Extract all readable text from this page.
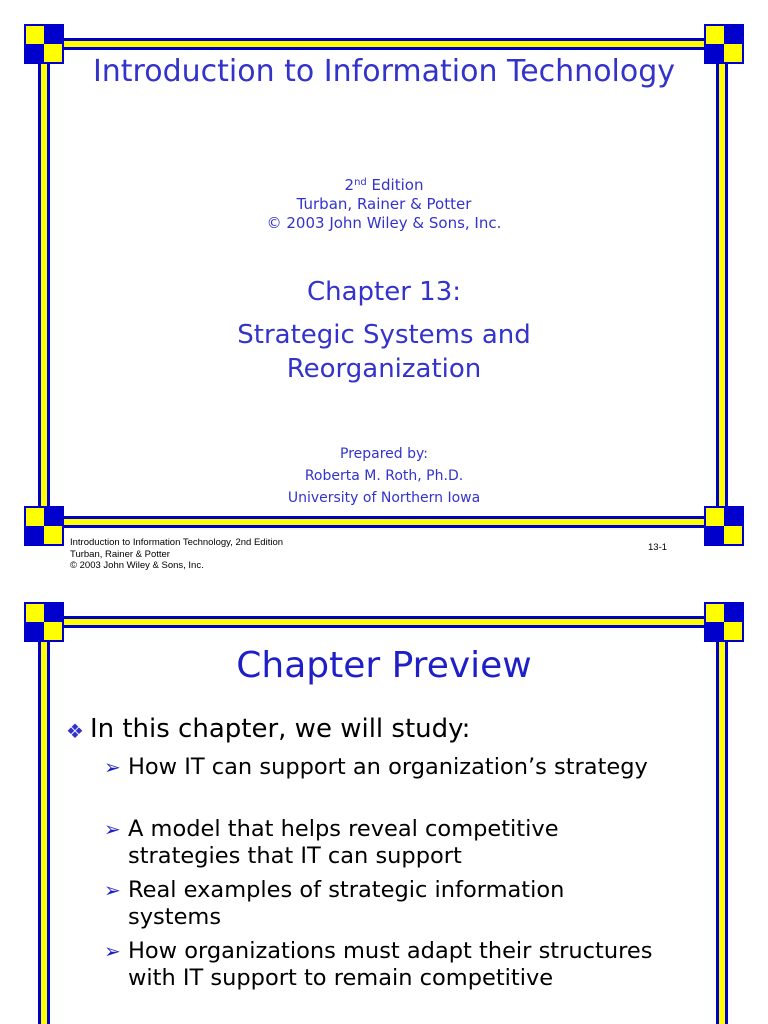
Introduction to Information Technology
2nd Edition
Turban, Rainer & Potter
© 2003 John Wiley & Sons, Inc.
Chapter 13:
Strategic Systems and Reorganization
Prepared by:
Roberta M. Roth, Ph.D.
University of Northern Iowa
Introduction to Information Technology, 2nd Edition
Turban, Rainer & Potter
© 2003 John Wiley & Sons, Inc.
13-1
Chapter Preview
❖ In this chapter, we will study:
➢ How IT can support an organization’s strategy
➢ A model that helps reveal competitive strategies that IT can support
➢ Real examples of strategic information systems
➢ How organizations must adapt their structures with IT support to remain competitive
